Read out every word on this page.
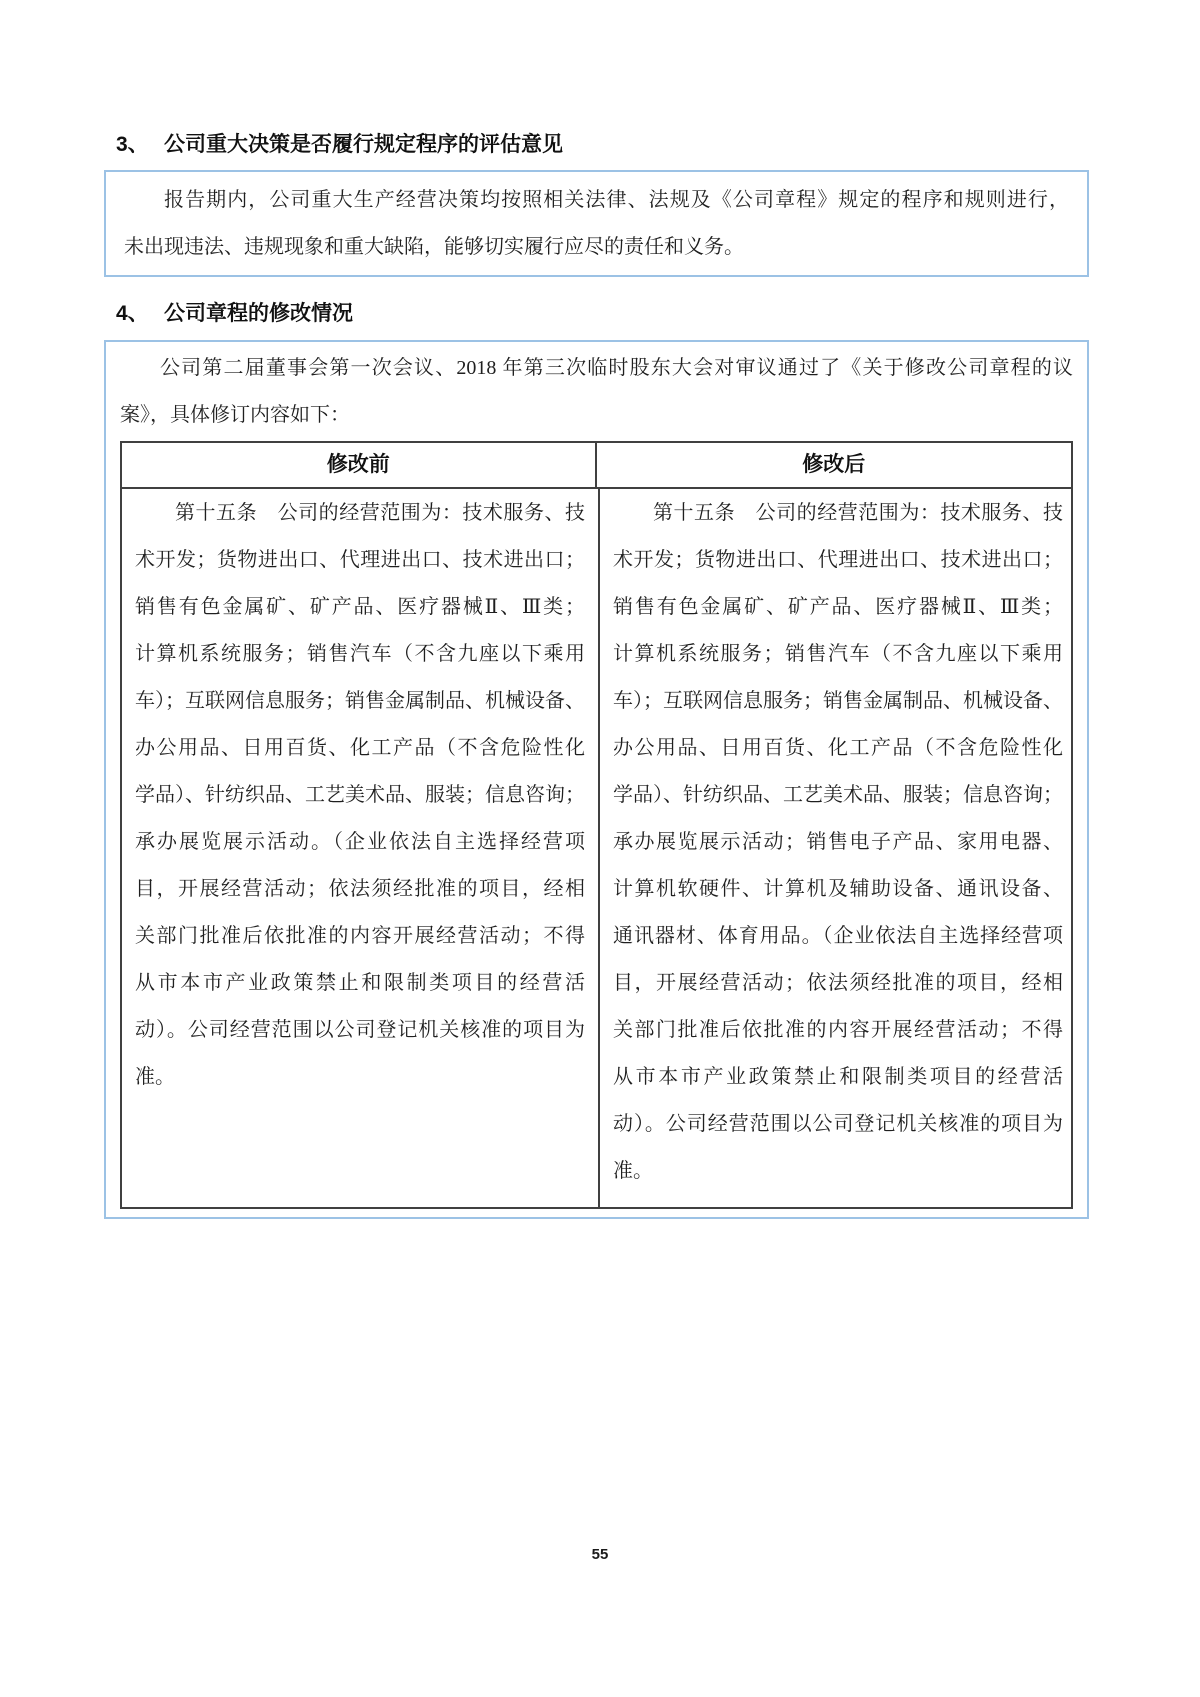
3、 公司重大决策是否履行规定程序的评估意见
报告期内，公司重大生产经营决策均按照相关法律、法规及《公司章程》规定的程序和规则进行，
未出现违法、违规现象和重大缺陷，能够切实履行应尽的责任和义务。
4、 公司章程的修改情况
公司第二届董事会第一次会议、2018 年第三次临时股东大会对审议通过了《关于修改公司章程的议
案》，具体修订内容如下：
修改前	修改后
第十五条　公司的经营范围为：技术服务、技
术开发；货物进出口、代理进出口、技术进出口；
销售有色金属矿、矿产品、医疗器械Ⅱ、Ⅲ类；
计算机系统服务；销售汽车（不含九座以下乘用
车）；互联网信息服务；销售金属制品、机械设备、
办公用品、日用百货、化工产品（不含危险性化
学品）、针纺织品、工艺美术品、服装；信息咨询；
承办展览展示活动。（企业依法自主选择经营项
目，开展经营活动；依法须经批准的项目，经相
关部门批准后依批准的内容开展经营活动；不得
从市本市产业政策禁止和限制类项目的经营活
动）。公司经营范围以公司登记机关核准的项目为
准。
第十五条　公司的经营范围为：技术服务、技
术开发；货物进出口、代理进出口、技术进出口；
销售有色金属矿、矿产品、医疗器械Ⅱ、Ⅲ类；
计算机系统服务；销售汽车（不含九座以下乘用
车）；互联网信息服务；销售金属制品、机械设备、
办公用品、日用百货、化工产品（不含危险性化
学品）、针纺织品、工艺美术品、服装；信息咨询；
承办展览展示活动；销售电子产品、家用电器、
计算机软硬件、计算机及辅助设备、通讯设备、
通讯器材、体育用品。（企业依法自主选择经营项
目，开展经营活动；依法须经批准的项目，经相
关部门批准后依批准的内容开展经营活动；不得
从市本市产业政策禁止和限制类项目的经营活
动）。公司经营范围以公司登记机关核准的项目为
准。
55
